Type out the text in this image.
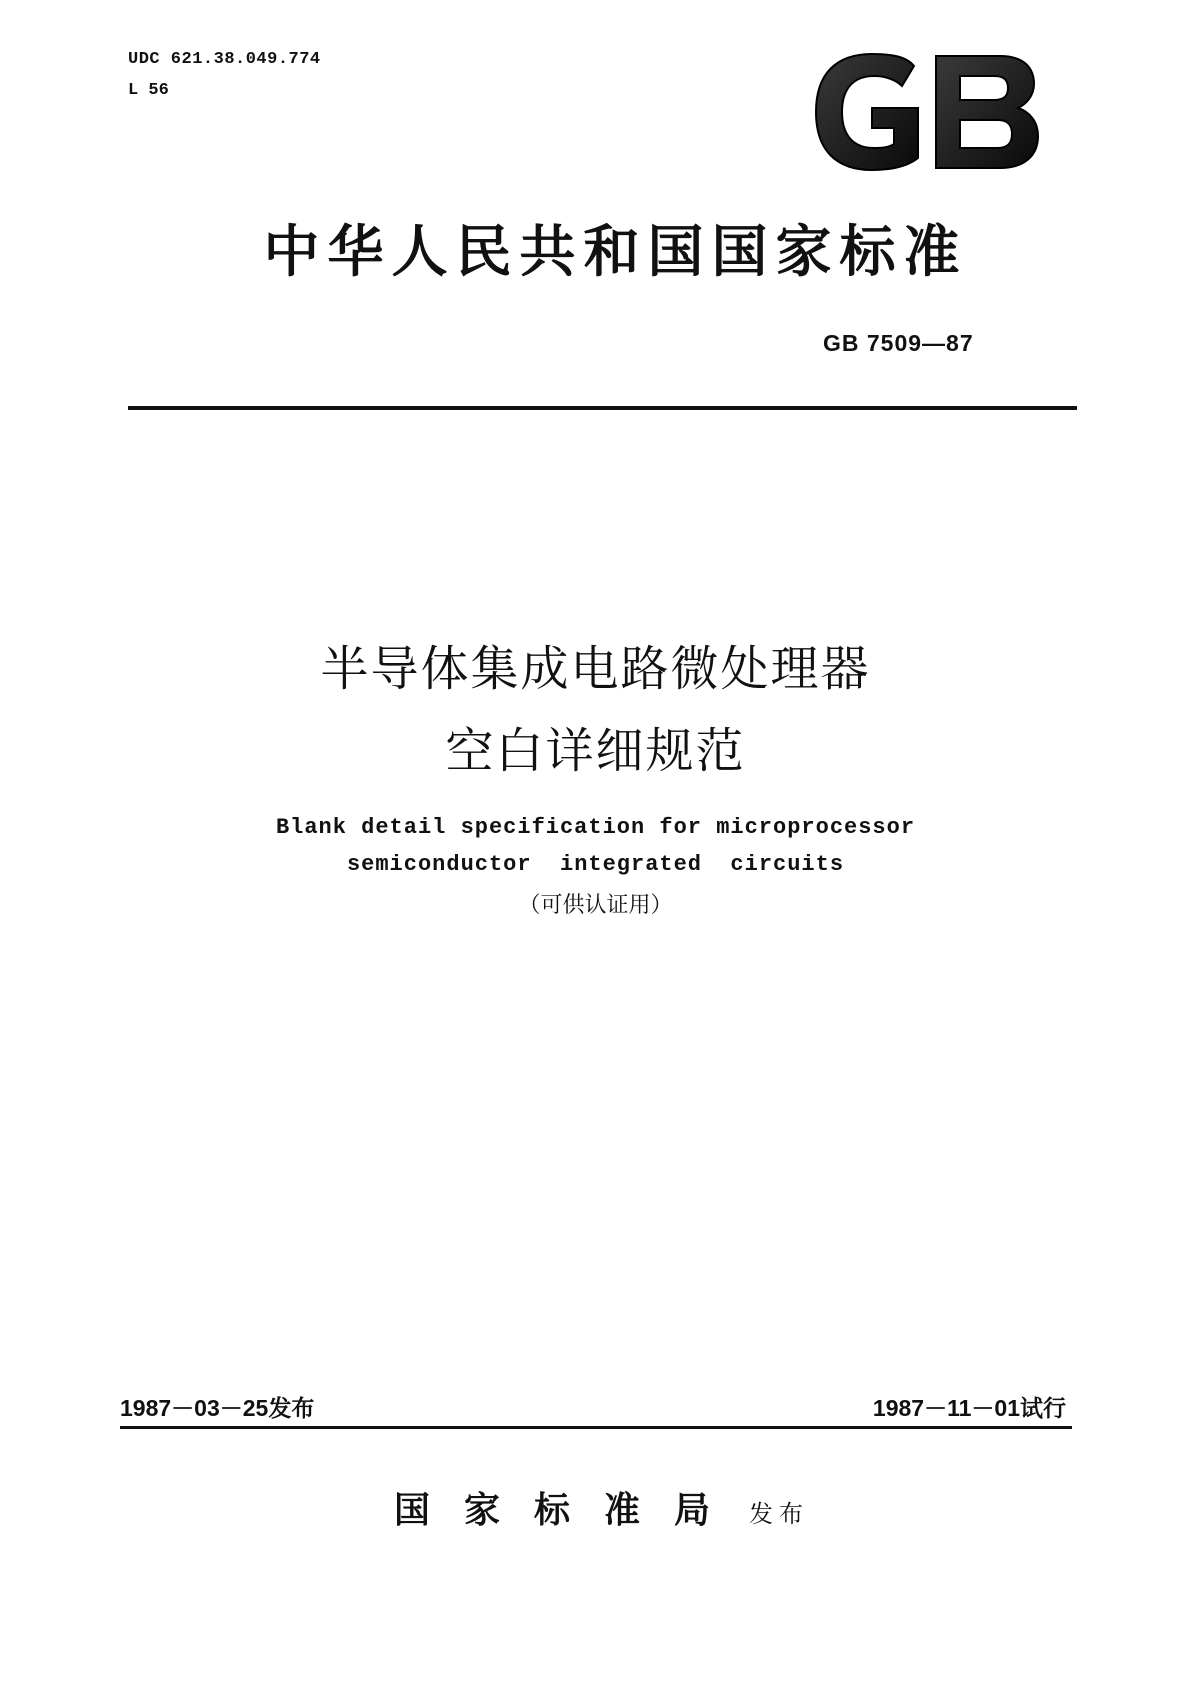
UDC 621.38.049.774
L 56
GB
中华人民共和国国家标准
GB 7509—87
半导体集成电路微处理器
空白详细规范
Blank detail specification for microprocessor
semiconductor  integrated  circuits
（可供认证用）
1987－03－25发布	1987－11－01试行
国家标准局 发布
